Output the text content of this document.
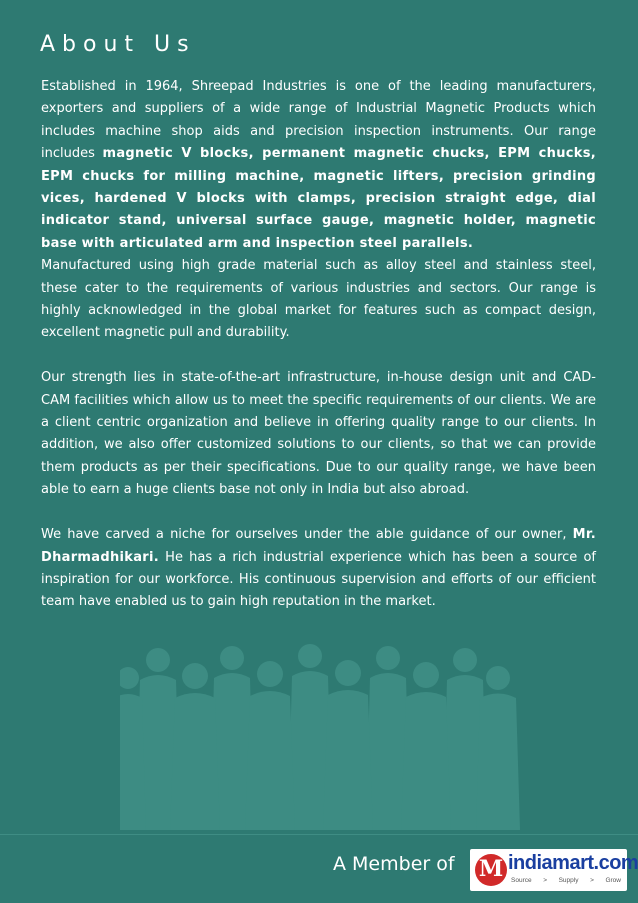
About Us

Established in 1964, Shreepad Industries is one of the leading manufacturers, exporters and suppliers of a wide range of Industrial Magnetic Products which includes machine shop aids and precision inspection instruments. Our range includes magnetic V blocks, permanent magnetic chucks, EPM chucks, EPM chucks for milling machine, magnetic lifters, precision grinding vices, hardened V blocks with clamps, precision straight edge, dial indicator stand, universal surface gauge, magnetic holder, magnetic base with articulated arm and inspection steel parallels.

Manufactured using high grade material such as alloy steel and stainless steel, these cater to the requirements of various industries and sectors. Our range is highly acknowledged in the global market for features such as compact design, excellent magnetic pull and durability.

Our strength lies in state-of-the-art infrastructure, in-house design unit and CAD-CAM facilities which allow us to meet the specific requirements of our clients. We are a client centric organization and believe in offering quality range to our clients. In addition, we also offer customized solutions to our clients, so that we can provide them products as per their specifications. Due to our quality range, we have been able to earn a huge clients base not only in India but also abroad.

We have carved a niche for ourselves under the able guidance of our owner, Mr. Dharmadhikari. He has a rich industrial experience which has been a source of inspiration for our workforce. His continuous supervision and efforts of our efficient team have enabled us to gain high reputation in the market.

A Member of M indiamart.com
Source > Supply > Grow
